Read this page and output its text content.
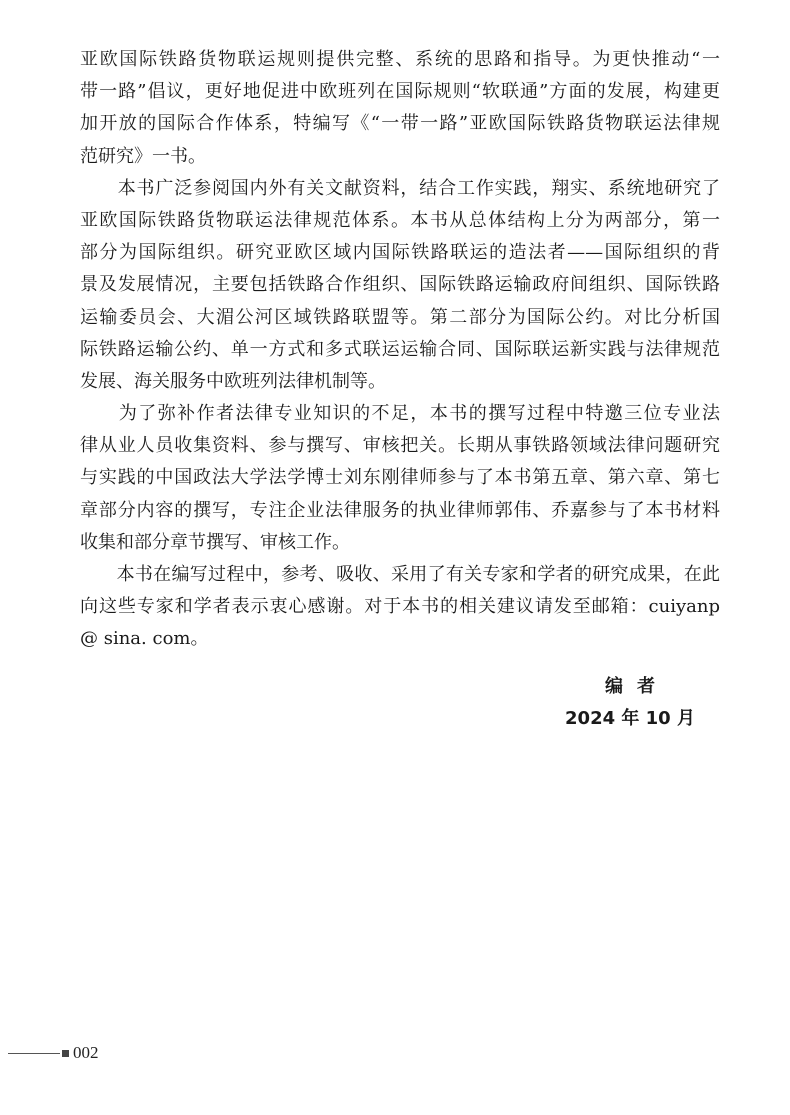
亚欧国际铁路货物联运规则提供完整、系统的思路和指导。为更快推动“一
带一路”倡议，更好地促进中欧班列在国际规则“软联通”方面的发展，构建更
加开放的国际合作体系，特编写《“一带一路”亚欧国际铁路货物联运法律规
范研究》一书。
　　本书广泛参阅国内外有关文献资料，结合工作实践，翔实、系统地研究了
亚欧国际铁路货物联运法律规范体系。本书从总体结构上分为两部分，第一
部分为国际组织。研究亚欧区域内国际铁路联运的造法者——国际组织的背
景及发展情况，主要包括铁路合作组织、国际铁路运输政府间组织、国际铁路
运输委员会、大湄公河区域铁路联盟等。第二部分为国际公约。对比分析国
际铁路运输公约、单一方式和多式联运运输合同、国际联运新实践与法律规范
发展、海关服务中欧班列法律机制等。
　　为了弥补作者法律专业知识的不足，本书的撰写过程中特邀三位专业法
律从业人员收集资料、参与撰写、审核把关。长期从事铁路领域法律问题研究
与实践的中国政法大学法学博士刘东刚律师参与了本书第五章、第六章、第七
章部分内容的撰写，专注企业法律服务的执业律师郭伟、乔嘉参与了本书材料
收集和部分章节撰写、审核工作。
　　本书在编写过程中，参考、吸收、采用了有关专家和学者的研究成果，在此
向这些专家和学者表示衷心感谢。对于本书的相关建议请发至邮箱：cuiyanp
@ sina. com。
编者
2024 年 10 月
002
